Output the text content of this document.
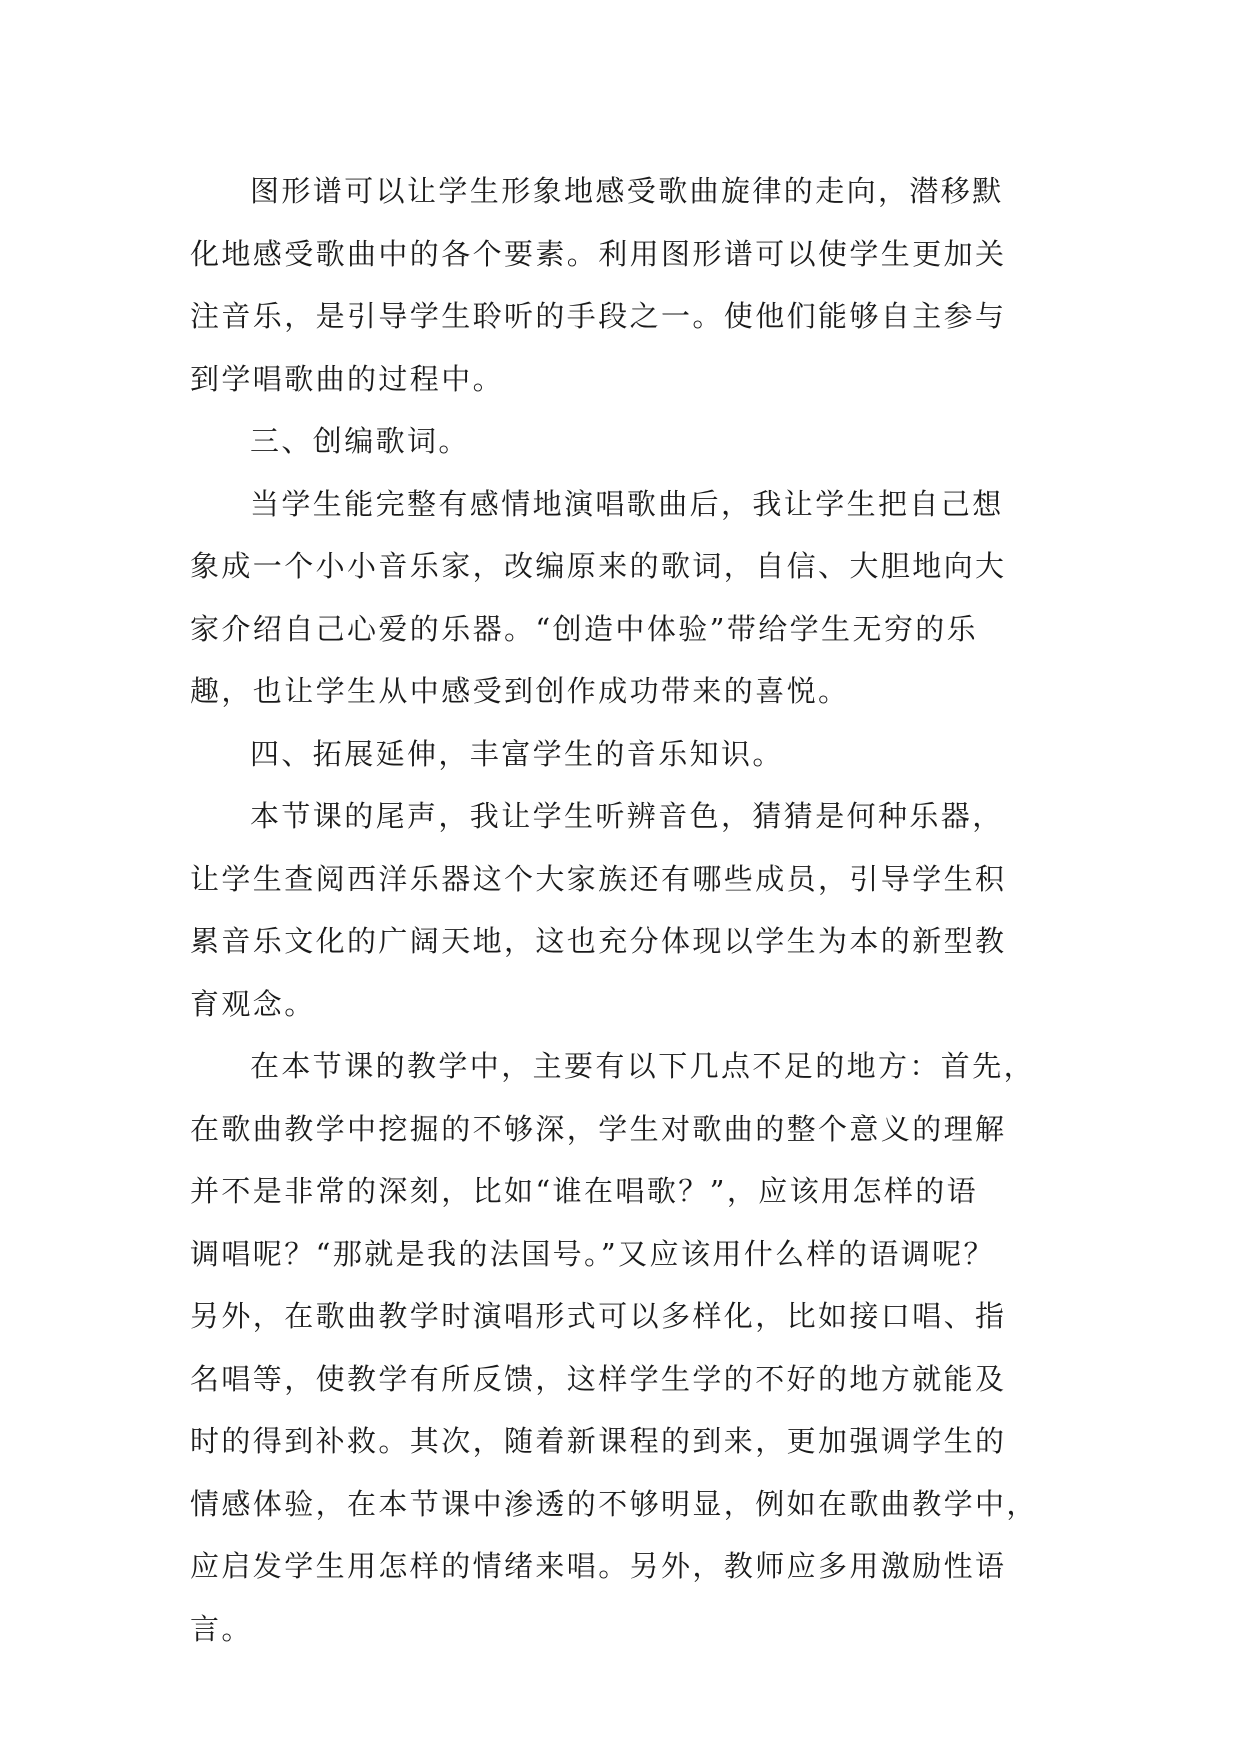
图形谱可以让学生形象地感受歌曲旋律的走向，潜移默
化地感受歌曲中的各个要素。利用图形谱可以使学生更加关
注音乐，是引导学生聆听的手段之一。使他们能够自主参与
到学唱歌曲的过程中。
三、创编歌词。
当学生能完整有感情地演唱歌曲后，我让学生把自己想
象成一个小小音乐家，改编原来的歌词，自信、大胆地向大
家介绍自己心爱的乐器。“创造中体验”带给学生无穷的乐
趣，也让学生从中感受到创作成功带来的喜悦。
四、拓展延伸，丰富学生的音乐知识。
本节课的尾声，我让学生听辨音色，猜猜是何种乐器，
让学生查阅西洋乐器这个大家族还有哪些成员，引导学生积
累音乐文化的广阔天地，这也充分体现以学生为本的新型教
育观念。
在本节课的教学中，主要有以下几点不足的地方：首先，
在歌曲教学中挖掘的不够深，学生对歌曲的整个意义的理解
并不是非常的深刻，比如“谁在唱歌？”，应该用怎样的语
调唱呢？“那就是我的法国号。”又应该用什么样的语调呢？
另外，在歌曲教学时演唱形式可以多样化，比如接口唱、指
名唱等，使教学有所反馈，这样学生学的不好的地方就能及
时的得到补救。其次，随着新课程的到来，更加强调学生的
情感体验，在本节课中渗透的不够明显，例如在歌曲教学中，
应启发学生用怎样的情绪来唱。另外，教师应多用激励性语
言。
